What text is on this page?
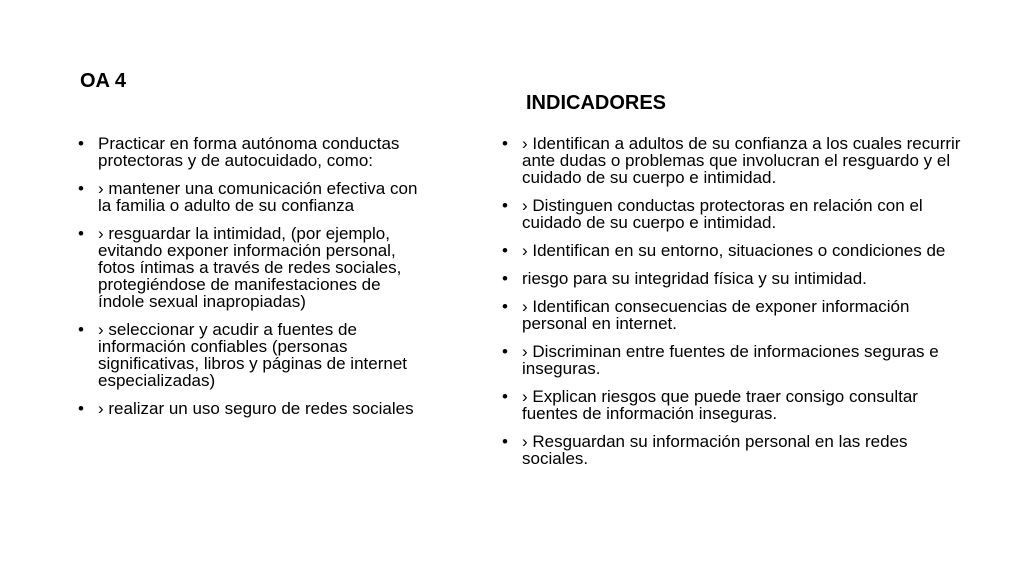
OA 4
INDICADORES
• Practicar en forma autónoma conductas protectoras y de autocuidado, como:
• › mantener una comunicación efectiva con la familia o adulto de su confianza
• › resguardar la intimidad, (por ejemplo, evitando exponer información personal, fotos íntimas a través de redes sociales, protegiéndose de manifestaciones de índole sexual inapropiadas)
• › seleccionar y acudir a fuentes de información confiables (personas significativas, libros y páginas de internet especializadas)
• › realizar un uso seguro de redes sociales
• › Identifican a adultos de su confianza a los cuales recurrir ante dudas o problemas que involucran el resguardo y el cuidado de su cuerpo e intimidad.
• › Distinguen conductas protectoras en relación con el cuidado de su cuerpo e intimidad.
• › Identifican en su entorno, situaciones o condiciones de
• riesgo para su integridad física y su intimidad.
• › Identifican consecuencias de exponer información personal en internet.
• › Discriminan entre fuentes de informaciones seguras e inseguras.
• › Explican riesgos que puede traer consigo consultar fuentes de información inseguras.
• › Resguardan su información personal en las redes sociales.
